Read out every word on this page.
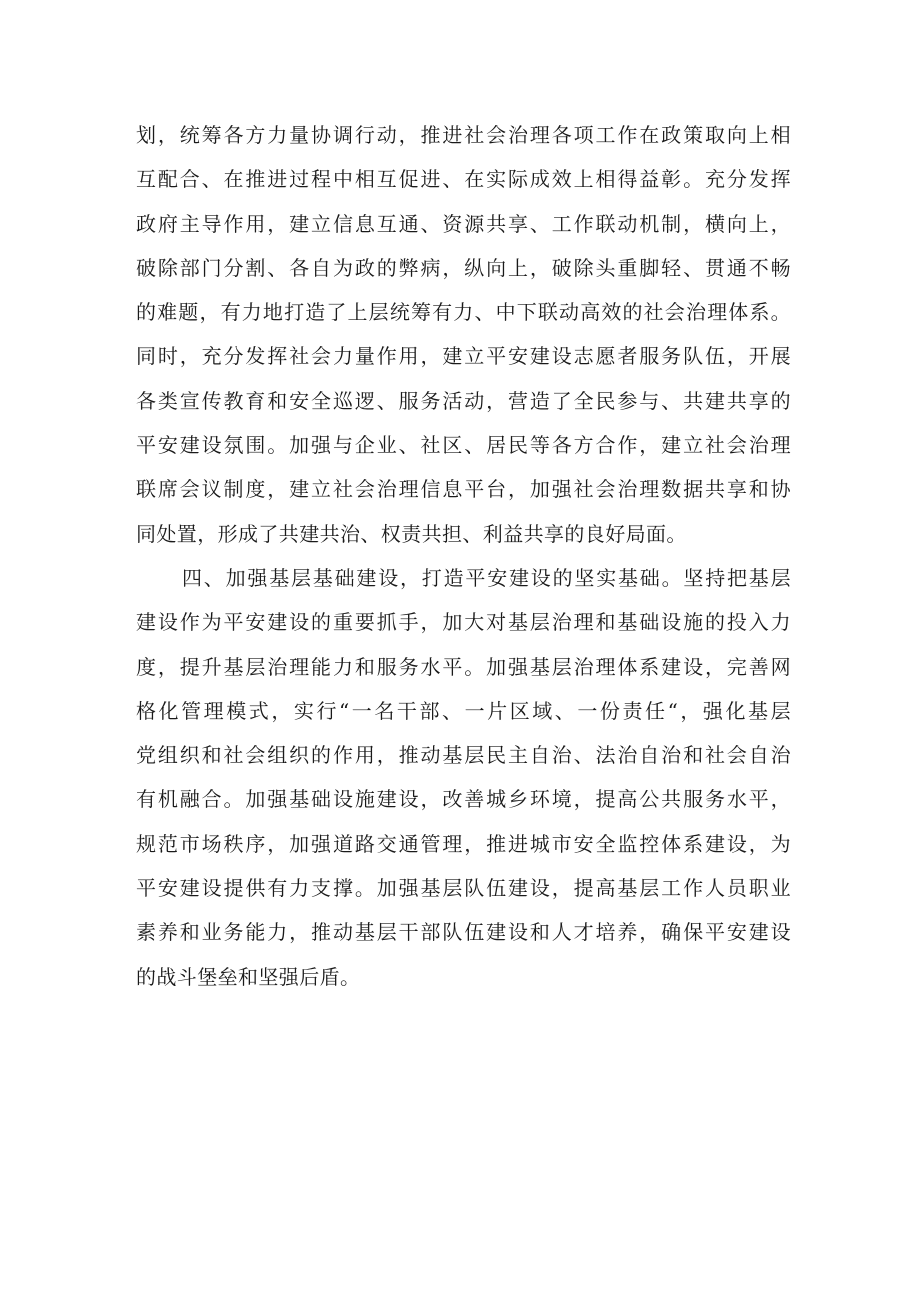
划，统筹各方力量协调行动，推进社会治理各项工作在政策取向上相
互配合、在推进过程中相互促进、在实际成效上相得益彰。充分发挥
政府主导作用，建立信息互通、资源共享、工作联动机制，横向上，
破除部门分割、各自为政的弊病，纵向上，破除头重脚轻、贯通不畅
的难题，有力地打造了上层统筹有力、中下联动高效的社会治理体系。
同时，充分发挥社会力量作用，建立平安建设志愿者服务队伍，开展
各类宣传教育和安全巡逻、服务活动，营造了全民参与、共建共享的
平安建设氛围。加强与企业、社区、居民等各方合作，建立社会治理
联席会议制度，建立社会治理信息平台，加强社会治理数据共享和协
同处置，形成了共建共治、权责共担、利益共享的良好局面。
四、加强基层基础建设，打造平安建设的坚实基础。坚持把基层
建设作为平安建设的重要抓手，加大对基层治理和基础设施的投入力
度，提升基层治理能力和服务水平。加强基层治理体系建设，完善网
格化管理模式，实行“一名干部、一片区域、一份责任“，强化基层
党组织和社会组织的作用，推动基层民主自治、法治自治和社会自治
有机融合。加强基础设施建设，改善城乡环境，提高公共服务水平，
规范市场秩序，加强道路交通管理，推进城市安全监控体系建设，为
平安建设提供有力支撑。加强基层队伍建设，提高基层工作人员职业
素养和业务能力，推动基层干部队伍建设和人才培养，确保平安建设
的战斗堡垒和坚强后盾。
